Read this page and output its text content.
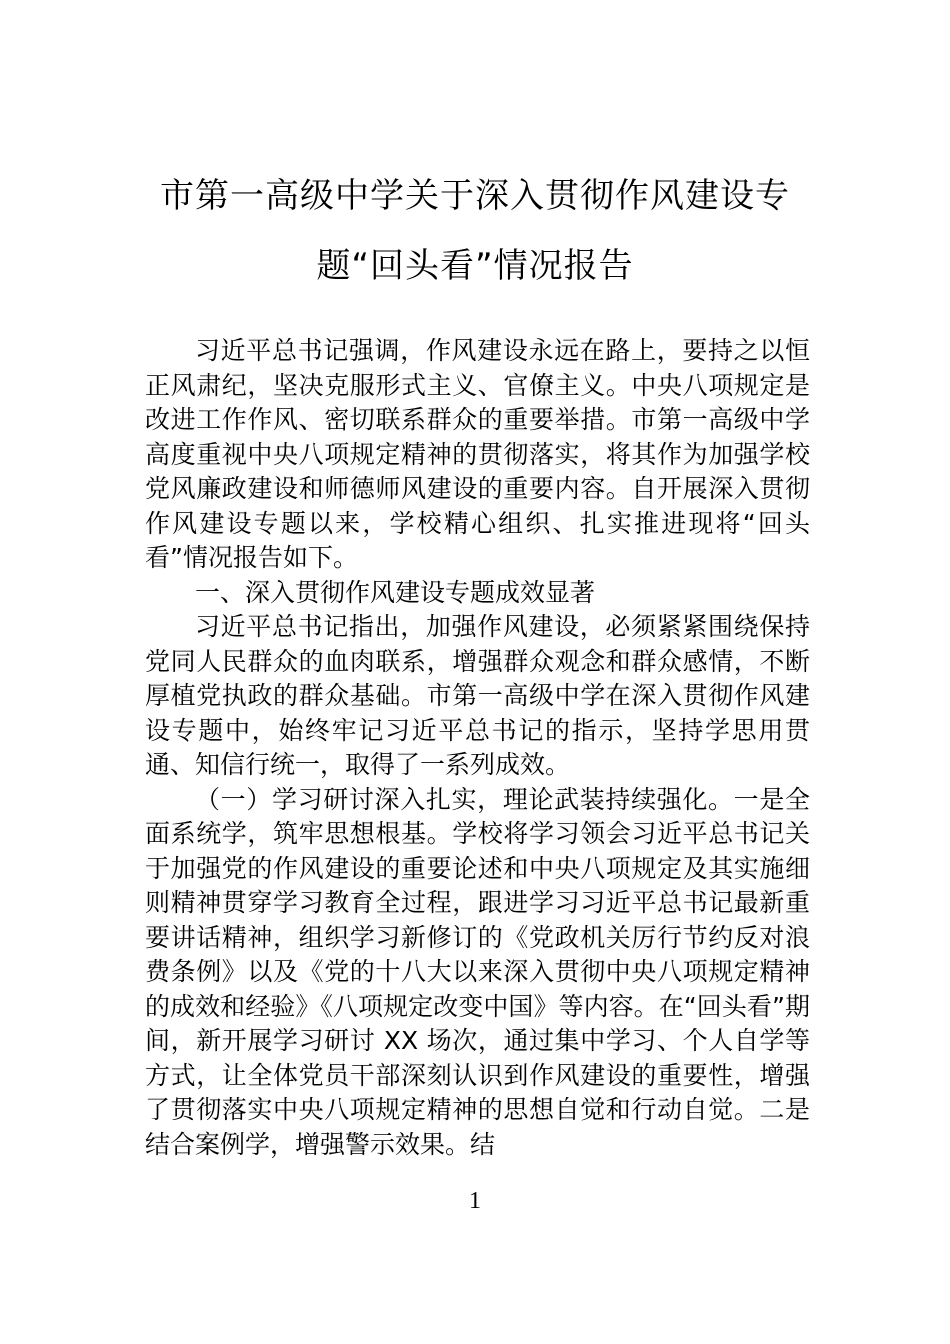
市第一高级中学关于深入贯彻作风建设专
题“回头看”情况报告

习近平总书记强调，作风建设永远在路上，要持之以恒正风肃纪，坚决克服形式主义、官僚主义。中央八项规定是改进工作作风、密切联系群众的重要举措。市第一高级中学高度重视中央八项规定精神的贯彻落实，将其作为加强学校党风廉政建设和师德师风建设的重要内容。自开展深入贯彻作风建设专题以来，学校精心组织、扎实推进现将“回头看”情况报告如下。

一、深入贯彻作风建设专题成效显著

习近平总书记指出，加强作风建设，必须紧紧围绕保持党同人民群众的血肉联系，增强群众观念和群众感情，不断厚植党执政的群众基础。市第一高级中学在深入贯彻作风建设专题中，始终牢记习近平总书记的指示，坚持学思用贯通、知信行统一，取得了一系列成效。

（一）学习研讨深入扎实，理论武装持续强化。一是全面系统学，筑牢思想根基。学校将学习领会习近平总书记关于加强党的作风建设的重要论述和中央八项规定及其实施细则精神贯穿学习教育全过程，跟进学习习近平总书记最新重要讲话精神，组织学习新修订的《党政机关厉行节约反对浪费条例》以及《党的十八大以来深入贯彻中央八项规定精神的成效和经验》《八项规定改变中国》等内容。在“回头看”期间，新开展学习研讨 XX 场次，通过集中学习、个人自学等方式，让全体党员干部深刻认识到作风建设的重要性，增强了贯彻落实中央八项规定精神的思想自觉和行动自觉。二是结合案例学，增强警示效果。结

1
